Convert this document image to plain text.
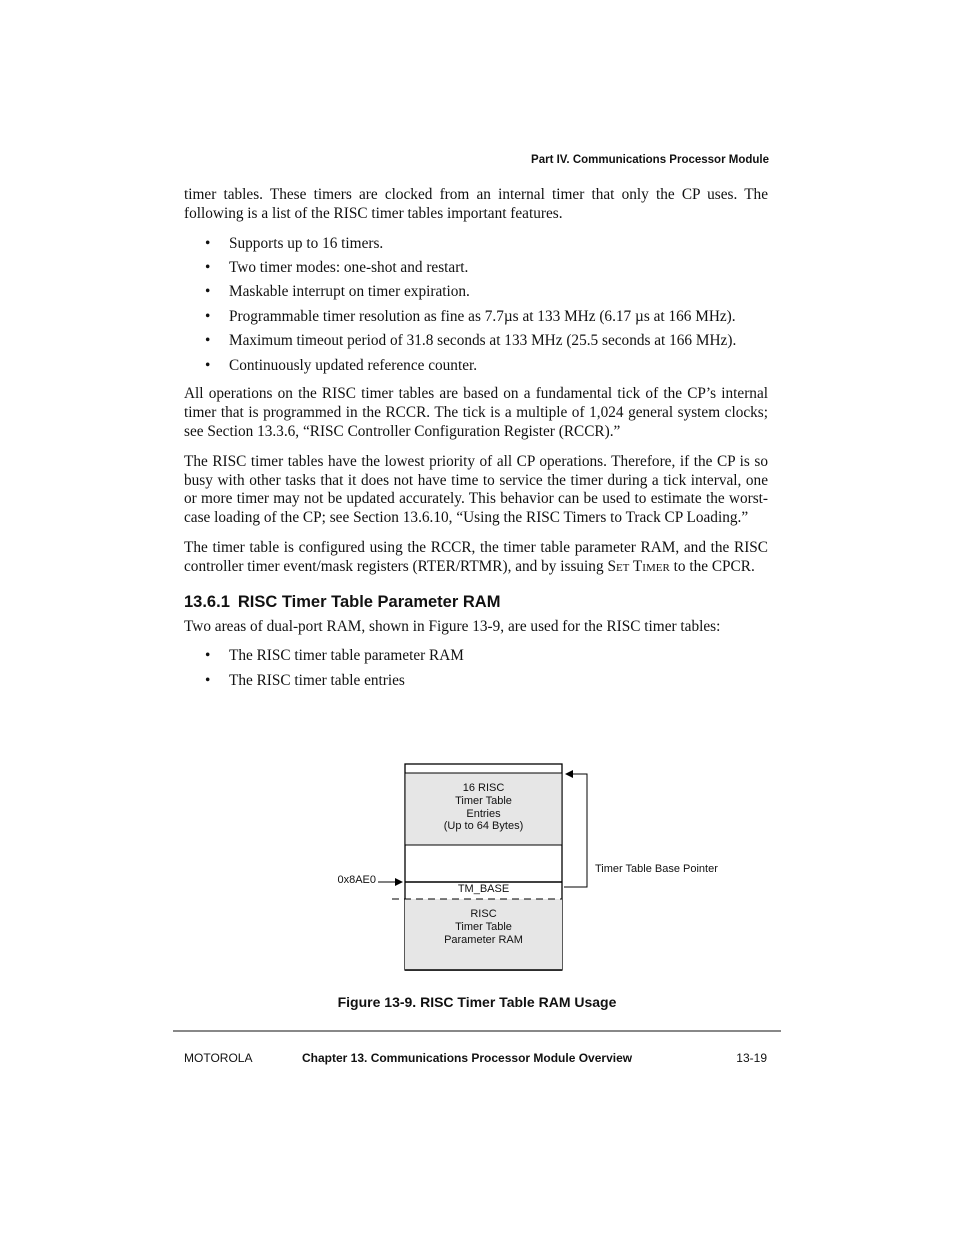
Part IV. Communications Processor Module

timer tables. These timers are clocked from an internal timer that only the CP uses. The following is a list of the RISC timer tables important features.

• Supports up to 16 timers.
• Two timer modes: one-shot and restart.
• Maskable interrupt on timer expiration.
• Programmable timer resolution as fine as 7.7µs at 133 MHz (6.17 µs at 166 MHz).
• Maximum timeout period of 31.8 seconds at 133 MHz (25.5 seconds at 166 MHz).
• Continuously updated reference counter.

All operations on the RISC timer tables are based on a fundamental tick of the CP’s internal timer that is programmed in the RCCR. The tick is a multiple of 1,024 general system clocks; see Section 13.3.6, “RISC Controller Configuration Register (RCCR).”

The RISC timer tables have the lowest priority of all CP operations. Therefore, if the CP is so busy with other tasks that it does not have time to service the timer during a tick interval, one or more timer may not be updated accurately. This behavior can be used to estimate the worst-case loading of the CP; see Section 13.6.10, “Using the RISC Timers to Track CP Loading.”

The timer table is configured using the RCCR, the timer table parameter RAM, and the RISC controller timer event/mask registers (RTER/RTMR), and by issuing Set Timer to the CPCR.

13.6.1 RISC Timer Table Parameter RAM

Two areas of dual-port RAM, shown in Figure 13-9, are used for the RISC timer tables:

• The RISC timer table parameter RAM
• The RISC timer table entries
16 RISC
Timer Table
Entries
(Up to 64 Bytes)
TM_BASE
RISC
Timer Table
Parameter RAM
0x8AE0
Timer Table Base Pointer
Figure 13-9. RISC Timer Table RAM Usage
MOTOROLA	Chapter 13. Communications Processor Module Overview	13-19
